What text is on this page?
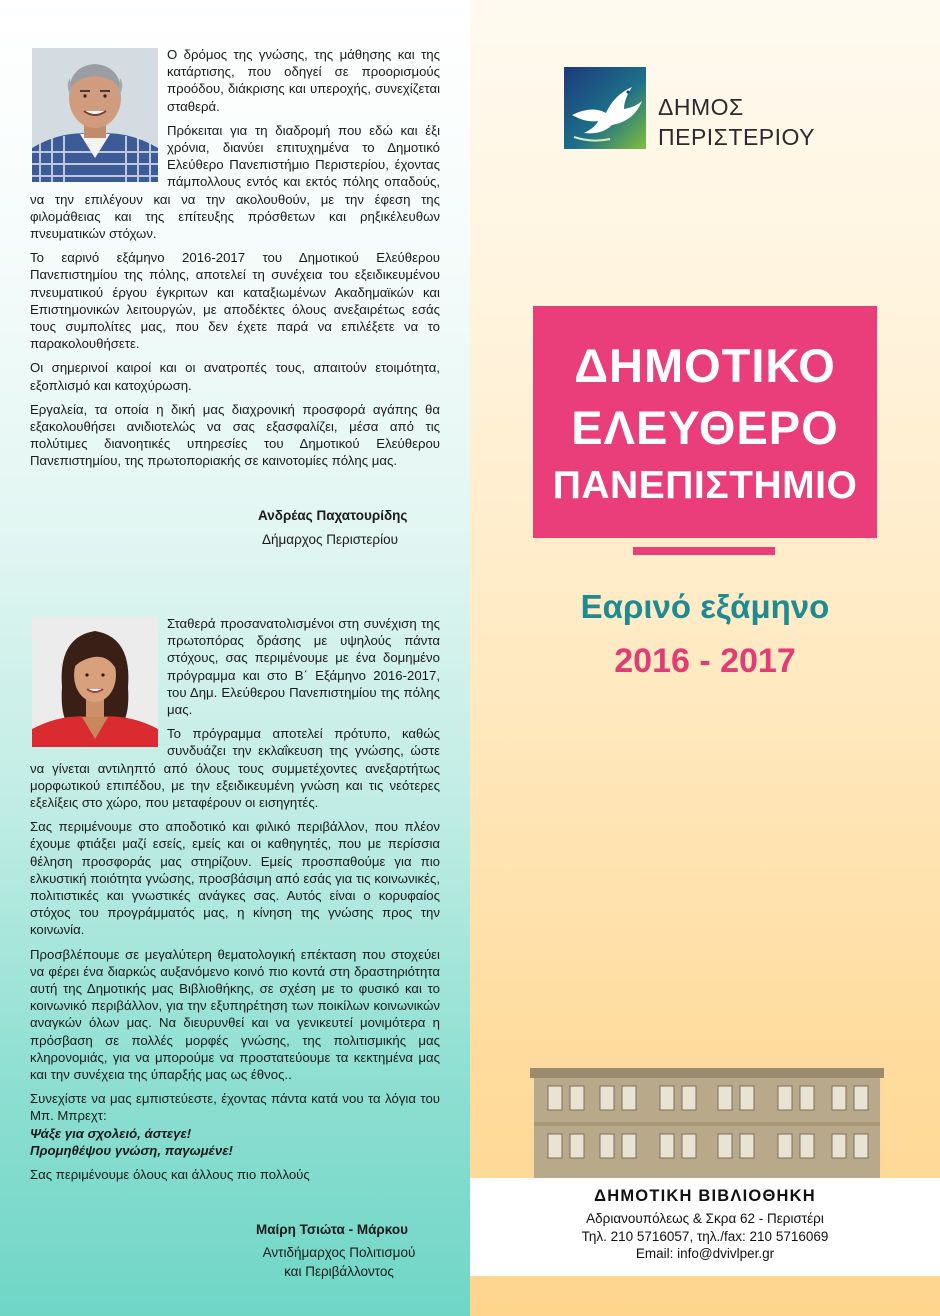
Ο δρόμος της γνώσης, της μάθησης και της κατάρτισης, που οδηγεί σε προορισμούς προόδου, διάκρισης και υπεροχής, συνεχίζεται σταθερά.

Πρόκειται για τη διαδρομή που εδώ και έξι χρόνια, διανύει επιτυχημένα το Δημοτικό Ελεύθερο Πανεπιστήμιο Περιστερίου, έχοντας πάμπολλους εντός και εκτός πόλης οπαδούς, να την επιλέγουν και να την ακολουθούν, με την έφεση της φιλομάθειας και της επίτευξης πρόσθετων και ρηξικέλευθων πνευματικών στόχων.

Το εαρινό εξάμηνο 2016-2017 του Δημοτικού Ελεύθερου Πανεπιστημίου της πόλης, αποτελεί τη συνέχεια του εξειδικευμένου πνευματικού έργου έγκριτων και καταξιωμένων Ακαδημαϊκών και Επιστημονικών λειτουργών, με αποδέκτες όλους ανεξαιρέτως εσάς τους συμπολίτες μας, που δεν έχετε παρά να επιλέξετε να το παρακολουθήσετε.

Οι σημερινοί καιροί και οι ανατροπές τους, απαιτούν ετοιμότητα, εξοπλισμό και κατοχύρωση.

Εργαλεία, τα οποία η δική μας διαχρονική προσφορά αγάπης θα εξακολουθήσει ανιδιοτελώς να σας εξασφαλίζει, μέσα από τις πολύτιμες διανοητικές υπηρεσίες του Δημοτικού Ελεύθερου Πανεπιστημίου, της πρωτοποριακής σε καινοτομίες πόλης μας.

Ανδρέας Παχατουρίδης
Δήμαρχος Περιστερίου

Σταθερά προσανατολισμένοι στη συνέχιση της πρωτοπόρας δράσης με υψηλούς πάντα στόχους, σας περιμένουμε με ένα δομημένο πρόγραμμα και στο Β΄ Εξάμηνο 2016-2017, του Δημ. Ελεύθερου Πανεπιστημίου της πόλης μας.

Το πρόγραμμα αποτελεί πρότυπο, καθώς συνδυάζει την εκλαΐκευση της γνώσης, ώστε να γίνεται αντιληπτό από όλους τους συμμετέχοντες ανεξαρτήτως μορφωτικού επιπέδου, με την εξειδικευμένη γνώση και τις νεότερες εξελίξεις στο χώρο, που μεταφέρουν οι εισηγητές.

Σας περιμένουμε στο αποδοτικό και φιλικό περιβάλλον, που πλέον έχουμε φτιάξει μαζί εσείς, εμείς και οι καθηγητές, που με περίσσια θέληση προσφοράς μας στηρίζουν. Εμείς προσπαθούμε για πιο ελκυστική ποιότητα γνώσης, προσβάσιμη από εσάς για τις κοινωνικές, πολιτιστικές και γνωστικές ανάγκες σας. Αυτός είναι ο κορυφαίος στόχος του προγράμματός μας, η κίνηση της γνώσης προς την κοινωνία.

Προσβλέπουμε σε μεγαλύτερη θεματολογική επέκταση που στοχεύει να φέρει ένα διαρκώς αυξανόμενο κοινό πιο κοντά στη δραστηριότητα αυτή της Δημοτικής μας Βιβλιοθήκης, σε σχέση με το φυσικό και το κοινωνικό περιβάλλον, για την εξυπηρέτηση των ποικίλων κοινωνικών αναγκών όλων μας. Να διευρυνθεί και να γενικευτεί μονιμότερα η πρόσβαση σε πολλές μορφές γνώσης, της πολιτισμικής μας κληρονομιάς, για να μπορούμε να προστατεύουμε τα κεκτημένα μας και την συνέχεια της ύπαρξής μας ως έθνος..

Συνεχίστε να μας εμπιστεύεστε, έχοντας πάντα κατά νου τα λόγια του Μπ. Μπρεχτ:

Ψάξε για σχολειό, άστεγε!
Προμηθέψου γνώση, παγωμένε!

Σας περιμένουμε όλους και άλλους πιο πολλούς

Μαίρη Τσιώτα - Μάρκου
Αντιδήμαρχος Πολιτισμού
και Περιβάλλοντος
ΔΗΜΟΣ
ΠΕΡΙΣΤΕΡΙΟΥ
ΔΗΜΟΤΙΚΟ
ΕΛΕΥΘΕΡΟ
ΠΑΝΕΠΙΣΤΗΜΙΟ
Εαρινό εξάμηνο
2016 - 2017
ΔΗΜΟΤΙΚΗ ΒΙΒΛΙΟΘΗΚΗ
Αδριανουπόλεως & Σκρα 62 - Περιστέρι
Τηλ. 210 5716057, τηλ./fax: 210 5716069
Email: info@dvivlper.gr
